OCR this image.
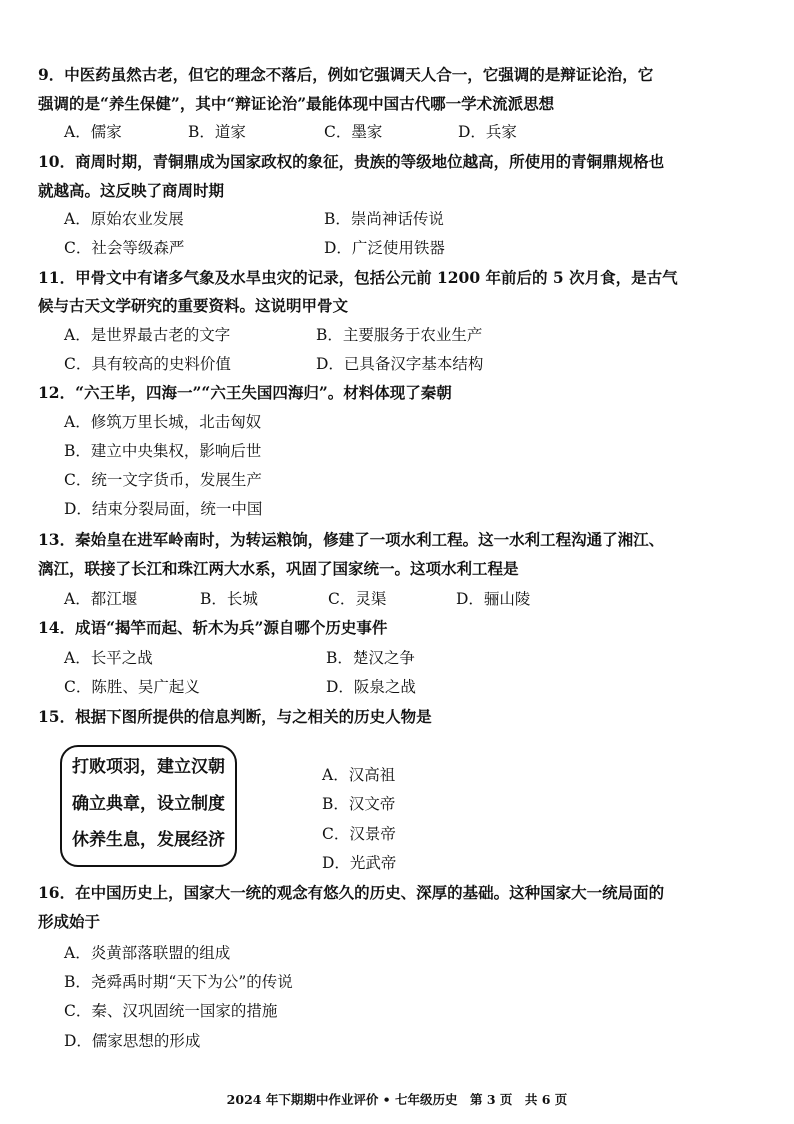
9．中医药虽然古老，但它的理念不落后，例如它强调天人合一，它强调的是辩证论治，它
强调的是“养生保健”，其中“辩证论治”最能体现中国古代哪一学术流派思想
A．儒家	B．道家	C．墨家	D．兵家
10．商周时期，青铜鼎成为国家政权的象征，贵族的等级地位越高，所使用的青铜鼎规格也
就越高。这反映了商周时期
A．原始农业发展	B．崇尚神话传说
C．社会等级森严	D．广泛使用铁器
11．甲骨文中有诸多气象及水旱虫灾的记录，包括公元前 1200 年前后的 5 次月食，是古气
候与古天文学研究的重要资料。这说明甲骨文
A．是世界最古老的文字	B．主要服务于农业生产
C．具有较高的史料价值	D．已具备汉字基本结构
12．“六王毕，四海一”“六王失国四海归”。材料体现了秦朝
A．修筑万里长城，北击匈奴
B．建立中央集权，影响后世
C．统一文字货币，发展生产
D．结束分裂局面，统一中国
13．秦始皇在进军岭南时，为转运粮饷，修建了一项水利工程。这一水利工程沟通了湘江、
漓江，联接了长江和珠江两大水系，巩固了国家统一。这项水利工程是
A．都江堰	B．长城	C．灵渠	D．骊山陵
14．成语“揭竿而起、斩木为兵”源自哪个历史事件
A．长平之战	B．楚汉之争
C．陈胜、吴广起义	D．阪泉之战
15．根据下图所提供的信息判断，与之相关的历史人物是
打败项羽，建立汉朝
确立典章，设立制度
休养生息，发展经济
A．汉高祖
B．汉文帝
C．汉景帝
D．光武帝
16．在中国历史上，国家大一统的观念有悠久的历史、深厚的基础。这种国家大一统局面的
形成始于
A．炎黄部落联盟的组成
B．尧舜禹时期“天下为公”的传说
C．秦、汉巩固统一国家的措施
D．儒家思想的形成
2024 年下期期中作业评价 • 七年级历史　第 3 页　共 6 页
